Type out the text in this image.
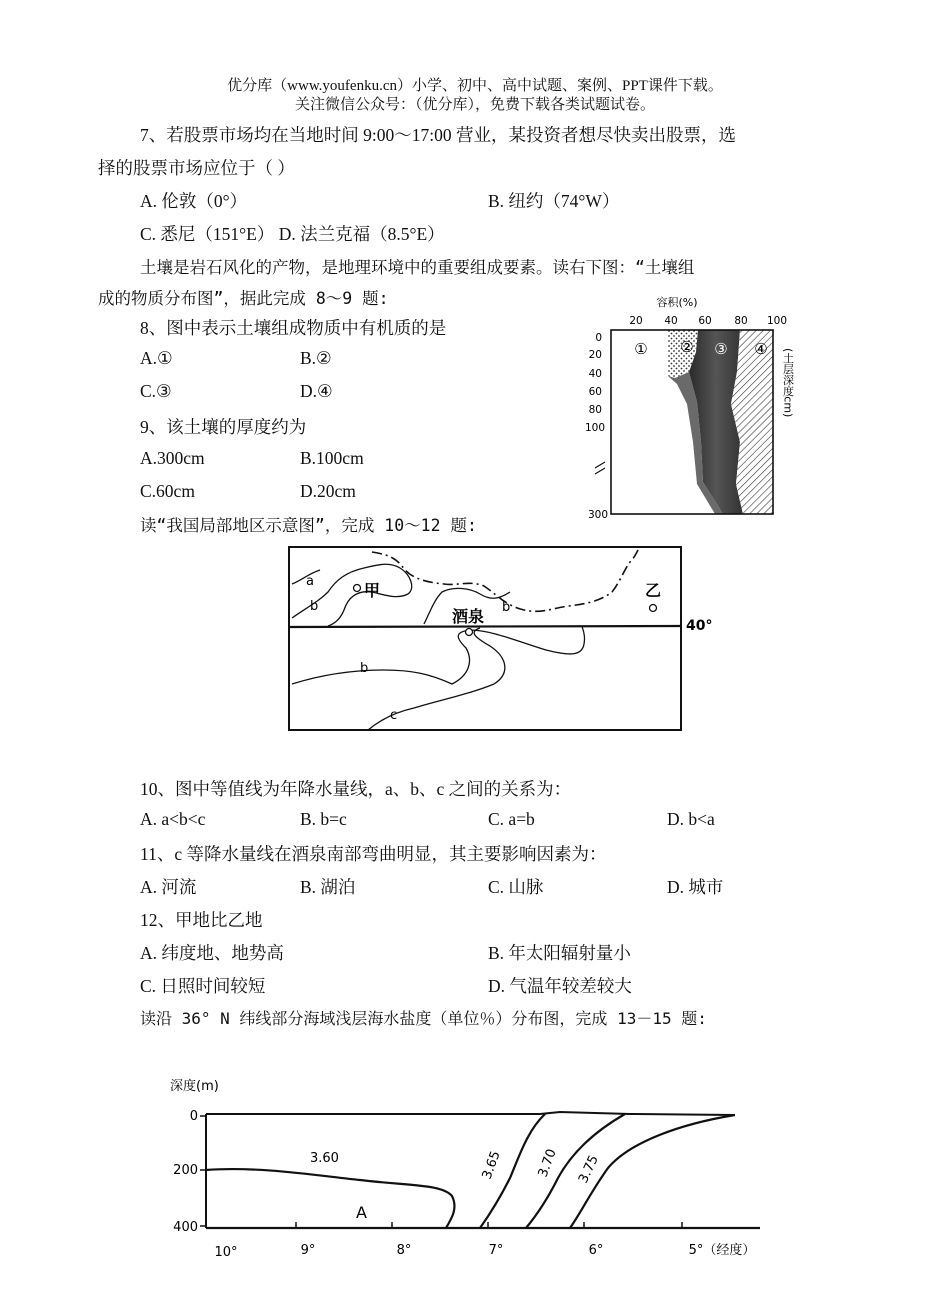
优分库（www.youfenku.cn）小学、初中、高中试题、案例、PPT课件下载。
关注微信公众号：（优分库），免费下载各类试题试卷。
7、若股票市场均在当地时间 9:00～17:00 营业，某投资者想尽快卖出股票，选
择的股票市场应位于（ ）
A. 伦敦（0°）	B. 纽约（74°W）
C. 悉尼（151°E） D. 法兰克福（8.5°E）
土壤是岩石风化的产物，是地理环境中的重要组成要素。读右下图：“土壤组
成的物质分布图”，据此完成 8～9 题:
8、图中表示土壤组成物质中有机质的是
A.①	B.②
C.③	D.④
9、该土壤的厚度约为
A.300cm	B.100cm
C.60cm	D.20cm
容积(%)
20 40 60 80 100
0
20
40
60
80
100
300
① ② ③ ④ (土层深度cm)
读“我国局部地区示意图”，完成 10～12 题:
40°
a
b	b
b
c
甲	乙
酒泉
10、图中等值线为年降水量线，a、b、c 之间的关系为：
A. a<b<c	B. b=c	C. a=b	D. b<a
11、c 等降水量线在酒泉南部弯曲明显，其主要影响因素为：
A. 河流	B. 湖泊	C. 山脉	D. 城市
12、甲地比乙地
A. 纬度地、地势高	B. 年太阳辐射量小
C. 日照时间较短	D. 气温年较差较大
读沿 36° N 纬线部分海域浅层海水盐度（单位％）分布图，完成 13－15 题:
深度(m)
0
200
400
10°	9°	8°	7°	6°	5°（经度）
3.60	3.65 3.70 3.75
A
